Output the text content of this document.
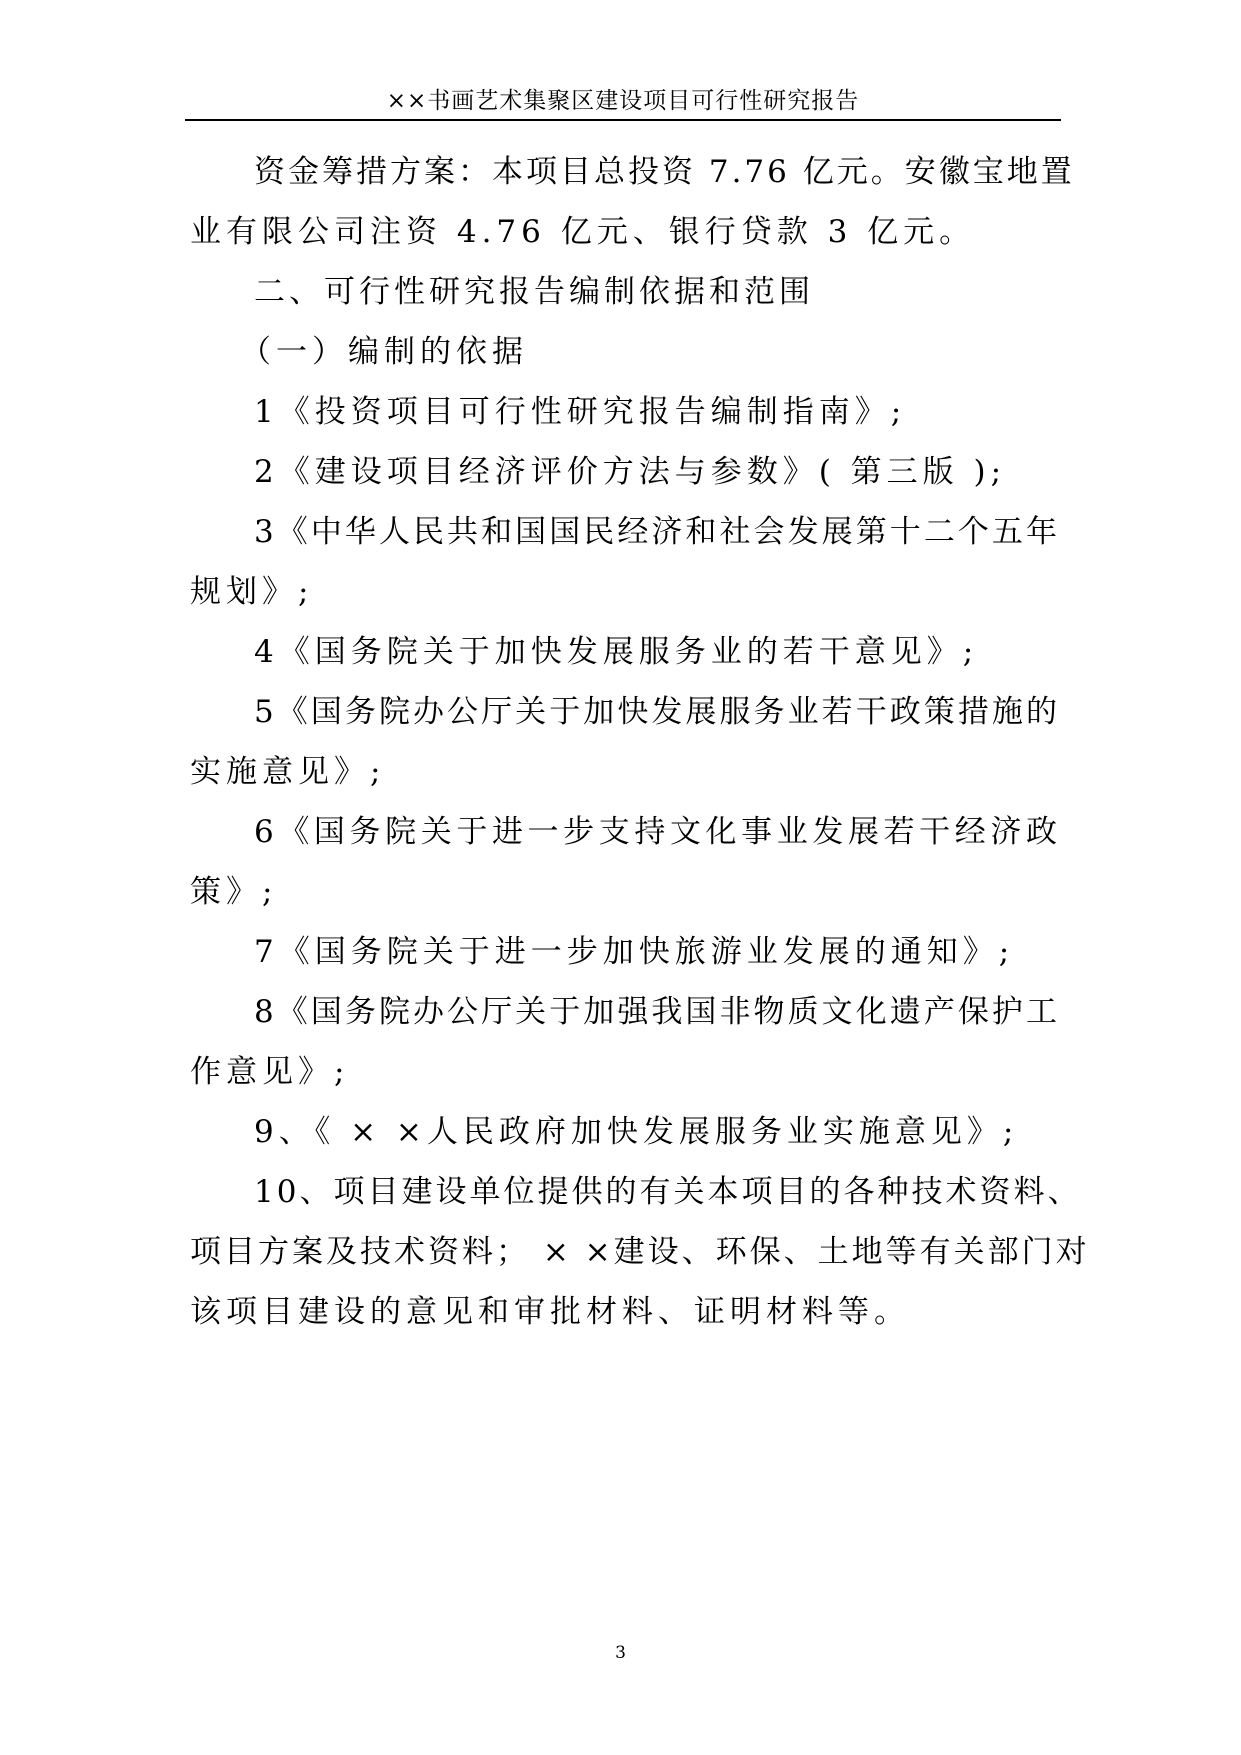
××书画艺术集聚区建设项目可行性研究报告
资金筹措方案：本项目总投资 7.76 亿元。安徽宝地置
业有限公司注资 4.76 亿元、银行贷款 3 亿元。
二、可行性研究报告编制依据和范围
（一）编制的依据
1《投资项目可行性研究报告编制指南》;
2《建设项目经济评价方法与参数》( 第三版 );
3《中华人民共和国国民经济和社会发展第十二个五年
规划》;
4《国务院关于加快发展服务业的若干意见》;
5《国务院办公厅关于加快发展服务业若干政策措施的
实施意见》;
6《国务院关于进一步支持文化事业发展若干经济政
策》;
7《国务院关于进一步加快旅游业发展的通知》;
8《国务院办公厅关于加强我国非物质文化遗产保护工
作意见》;
9、《 × ×人民政府加快发展服务业实施意见》;
10、项目建设单位提供的有关本项目的各种技术资料、
项目方案及技术资料； × ×建设、环保、土地等有关部门对
该项目建设的意见和审批材料、证明材料等。
3
